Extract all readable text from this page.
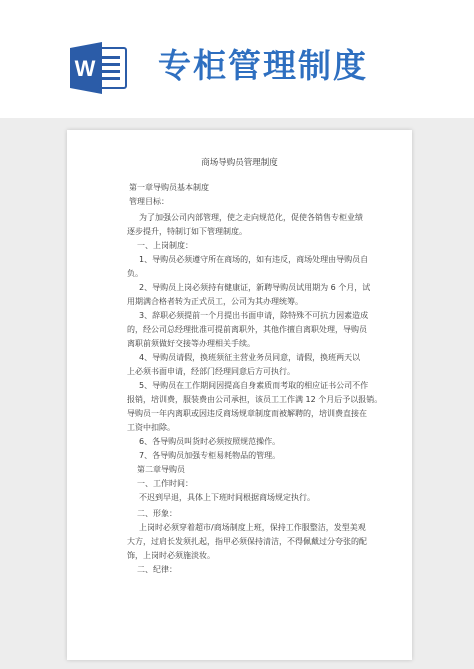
W 专柜管理制度
商场导购员管理制度
第一章导购员基本制度
管理目标：
为了加强公司内部管理，使之走向规范化，促使各销售专柜业绩
逐步提升，特制订如下管理制度。
一、上岗制度：
1、导购员必须遵守所在商场的，如有违反，商场处理由导购员自
负。
2、导购员上岗必须持有健康证，新聘导购员试用期为 6 个月，试
用期满合格者转为正式员工，公司为其办理统筹。
3、辞职必须提前一个月提出书面申请，除特殊不可抗力因素造成
的，经公司总经理批准可提前离职外，其他作擅自离职处理，导购员
离职前须做好交接等办理相关手续。
4、导购员请假，换班须征主营业务员同意，请假，换班两天以
上必须书面申请，经部门经理同意后方可执行。
5、导购员在工作期间因提高自身素质而考取的相应证书公司不作
报销，培训费，服装费由公司承担，该员工工作满 12 个月后予以报销。
导购员一年内离职或因违反商场规章制度而被解聘的，培训费直接在
工资中扣除。
6、各导购员叫货时必须按照规范操作。
7、各导购员加强专柜易耗物品的管理。
第二章导购员
一、工作时间：
不迟到早退，具体上下班时间根据商场规定执行。
二、形象：
上岗时必须穿着超市/商场制度上班，保持工作服整洁，发型美观
大方，过肩长发须扎起，指甲必须保持清洁，不得佩戴过分夸张的配
饰，上岗时必须施淡妆。
二、纪律：
